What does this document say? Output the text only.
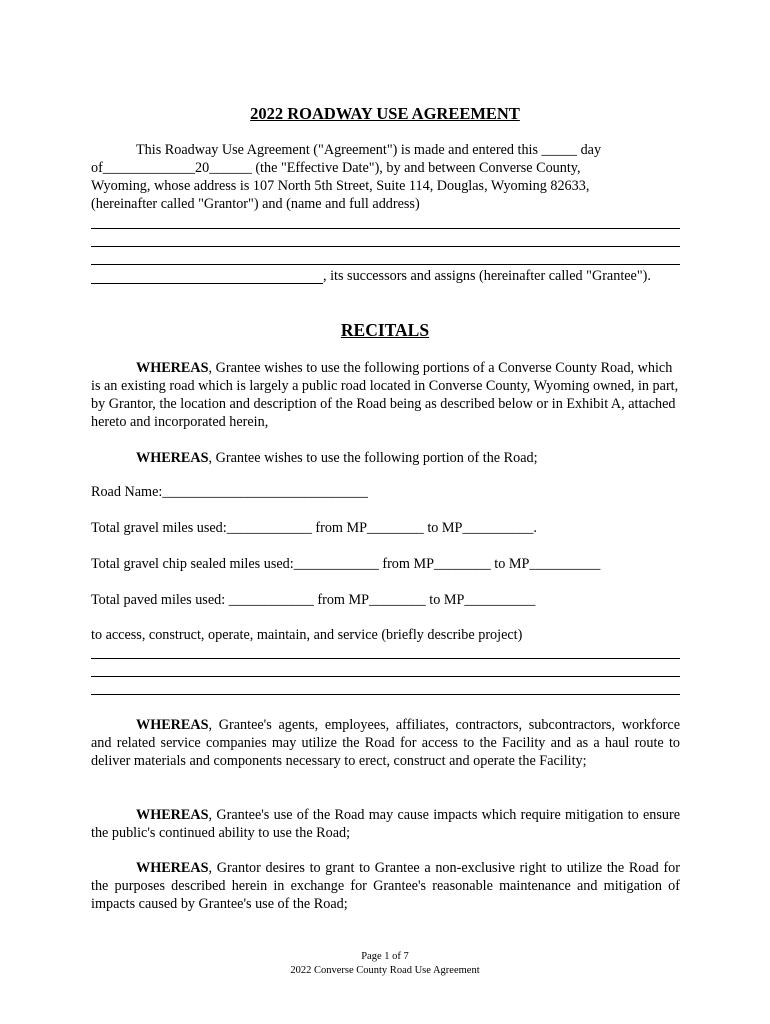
2022 ROADWAY USE AGREEMENT
This Roadway Use Agreement ("Agreement") is made and entered this _____ day
of_____________20______ (the "Effective Date"), by and between Converse County,
Wyoming, whose address is 107 North 5th Street, Suite 114, Douglas, Wyoming 82633,
(hereinafter called "Grantor") and (name and full address)
, its successors and assigns (hereinafter called "Grantee").
RECITALS
WHEREAS, Grantee wishes to use the following portions of a Converse County Road, which is an existing road which is largely a public road located in Converse County, Wyoming owned, in part, by Grantor, the location and description of the Road being as described below or in Exhibit A, attached hereto and incorporated herein,
WHEREAS, Grantee wishes to use the following portion of the Road;
Road Name:_____________________________
Total gravel miles used:____________ from MP________ to MP__________.
Total gravel chip sealed miles used:____________ from MP________ to MP__________
Total paved miles used: ____________ from MP________ to MP__________
to access, construct, operate, maintain, and service (briefly describe project)
WHEREAS, Grantee's agents, employees, affiliates, contractors, subcontractors, workforce and related service companies may utilize the Road for access to the Facility and as a haul route to deliver materials and components necessary to erect, construct and operate the Facility;
WHEREAS, Grantee's use of the Road may cause impacts which require mitigation to ensure the public's continued ability to use the Road;
WHEREAS, Grantor desires to grant to Grantee a non-exclusive right to utilize the Road for the purposes described herein in exchange for Grantee's reasonable maintenance and mitigation of impacts caused by Grantee's use of the Road;
Page 1 of 7
2022 Converse County Road Use Agreement
